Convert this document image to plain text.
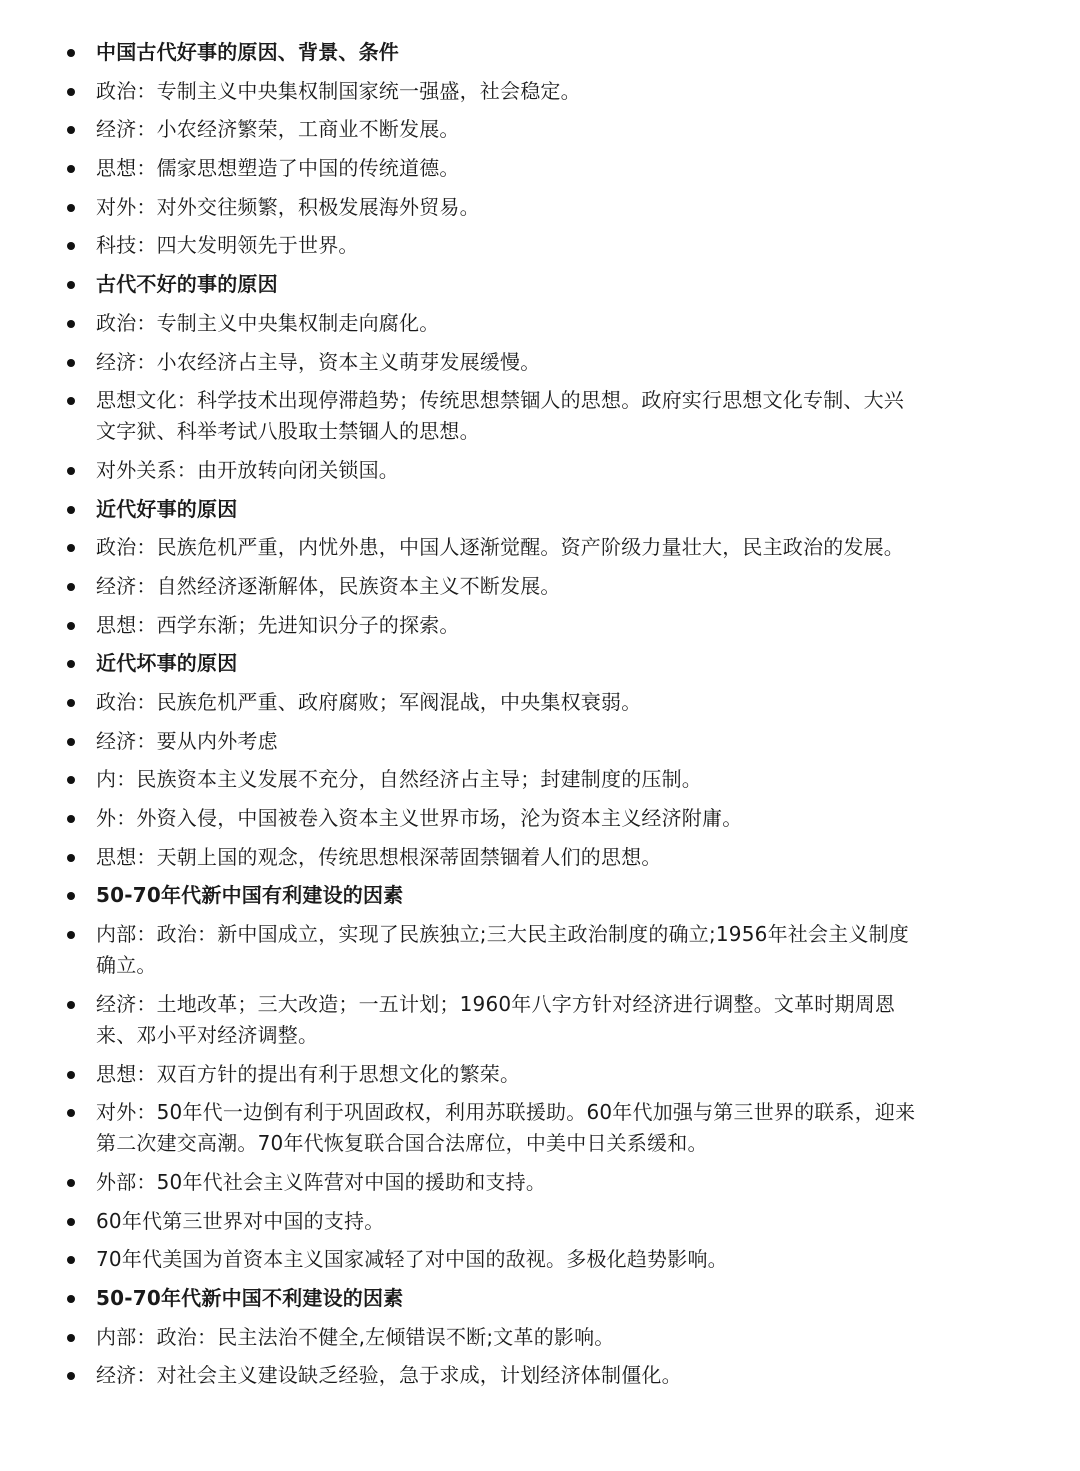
中国古代好事的原因、背景、条件
政治：专制主义中央集权制国家统一强盛，社会稳定。
经济：小农经济繁荣，工商业不断发展。
思想：儒家思想塑造了中国的传统道德。
对外：对外交往频繁，积极发展海外贸易。
科技：四大发明领先于世界。
古代不好的事的原因
政治：专制主义中央集权制走向腐化。
经济：小农经济占主导，资本主义萌芽发展缓慢。
思想文化：科学技术出现停滞趋势；传统思想禁锢人的思想。政府实行思想文化专制、大兴文字狱、科举考试八股取士禁锢人的思想。
对外关系：由开放转向闭关锁国。
近代好事的原因
政治：民族危机严重，内忧外患，中国人逐渐觉醒。资产阶级力量壮大，民主政治的发展。
经济：自然经济逐渐解体，民族资本主义不断发展。
思想：西学东渐；先进知识分子的探索。
近代坏事的原因
政治：民族危机严重、政府腐败；军阀混战，中央集权衰弱。
经济：要从内外考虑
内：民族资本主义发展不充分，自然经济占主导；封建制度的压制。
外：外资入侵，中国被卷入资本主义世界市场，沦为资本主义经济附庸。
思想：天朝上国的观念，传统思想根深蒂固禁锢着人们的思想。
50-70年代新中国有利建设的因素
内部：政治：新中国成立，实现了民族独立;三大民主政治制度的确立;1956年社会主义制度确立。
经济：土地改革；三大改造；一五计划；1960年八字方针对经济进行调整。文革时期周恩来、邓小平对经济调整。
思想：双百方针的提出有利于思想文化的繁荣。
对外：50年代一边倒有利于巩固政权，利用苏联援助。60年代加强与第三世界的联系，迎来第二次建交高潮。70年代恢复联合国合法席位，中美中日关系缓和。
外部：50年代社会主义阵营对中国的援助和支持。
60年代第三世界对中国的支持。
70年代美国为首资本主义国家减轻了对中国的敌视。多极化趋势影响。
50-70年代新中国不利建设的因素
内部：政治：民主法治不健全,左倾错误不断;文革的影响。
经济：对社会主义建设缺乏经验，急于求成，计划经济体制僵化。
